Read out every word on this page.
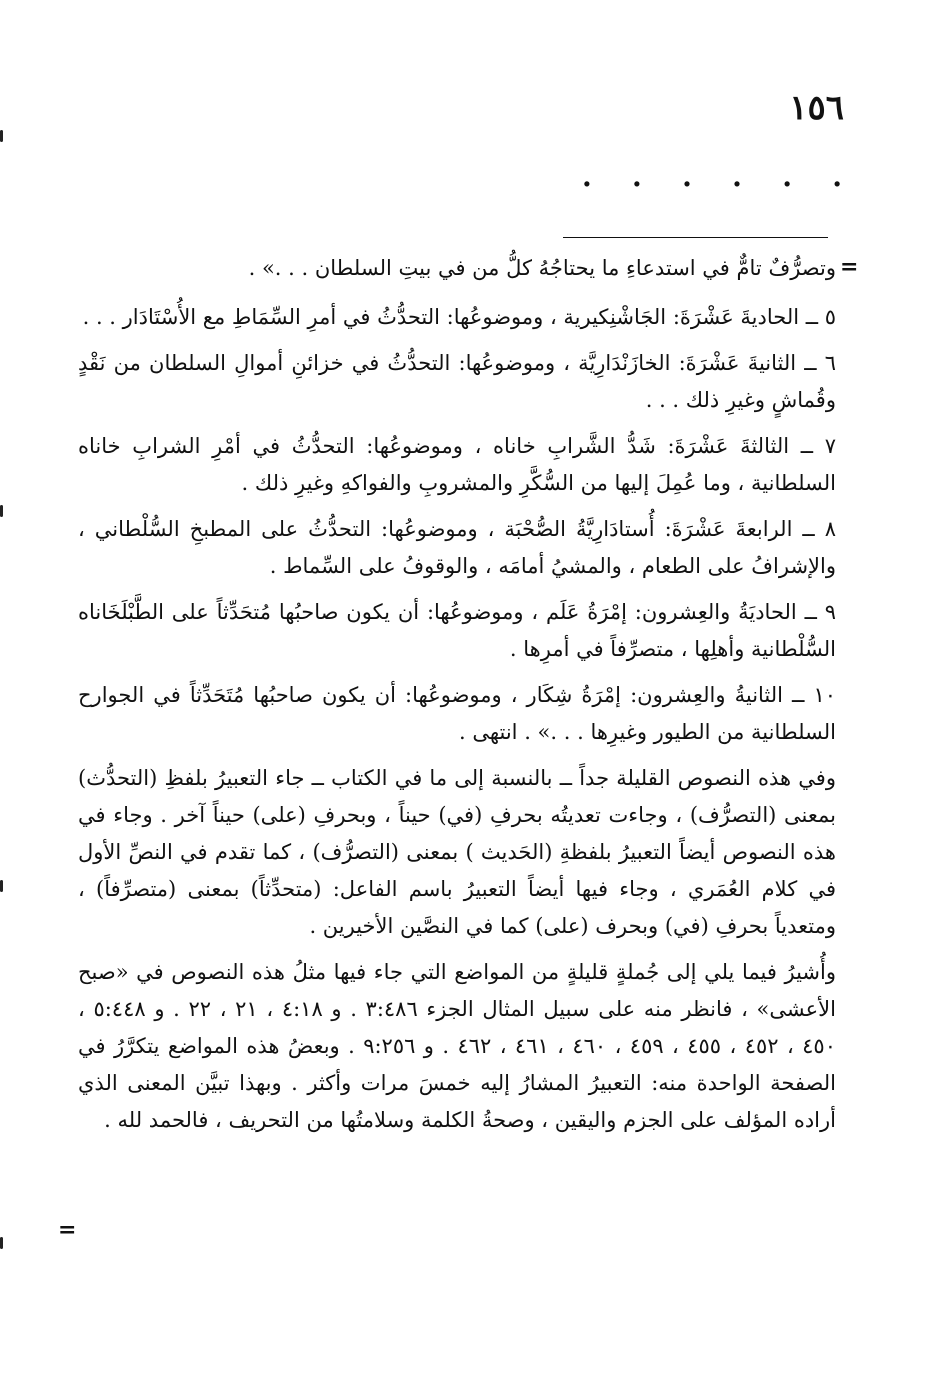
١٥٦
. . . . . .
=

وتصرُّفٌ تامٌّ في استدعاءِ ما يحتاجُهُ كلُّ من في بيتِ السلطان . . .» .

٥ ــ الحاديةَ عَشْرَةَ: الجَاشْنِكيرية ، وموضوعُها: التحدُّثُ في أمرِ السِّمَاطِ مع الأُسْتَادَار . . .

٦ ــ الثانيةَ عَشْرَةَ: الخازَنْدَارِيَّة ، وموضوعُها: التحدُّثُ في خزائنِ أموالِ السلطان من نَقْدٍ وقُماشٍ وغيرِ ذلك . . .

٧ ــ الثالثةَ عَشْرَةَ: شَدُّ الشَّرابِ خاناه ، وموضوعُها: التحدُّثُ في أمْرِ الشرابِ خاناه السلطانية ، وما عُمِلَ إليها من السُّكَّرِ والمشروبِ والفواكهِ وغيرِ ذلك .

٨ ــ الرابعةَ عَشْرَةَ: أُستادَارِيَّةُ الصُّحْبَة ، وموضوعُها: التحدُّثُ على المطبخِ السُّلْطاني ، والإشرافُ على الطعام ، والمشيُ أمامَه ، والوقوفُ على السِّماط .

٩ ــ الحاديَةُ والعِشرون: إمْرَةُ عَلَم ، وموضوعُها: أن يكون صاحبُها مُتحَدِّثاً على الطَّبْلَخَاناه السُّلْطانية وأهلِها ، متصرِّفاً في أمرِها .

١٠ ــ الثانيةُ والعِشرون: إمْرَةُ شِكَار ، وموضوعُها: أن يكون صاحبُها مُتَحَدِّثاً في الجوارح السلطانية من الطيور وغيرِها . . .» . انتهى .

وفي هذه النصوص القليلة جداً ــ بالنسبة إلى ما في الكتاب ــ جاء التعبيرُ بلفظِ (التحدُّث) بمعنى (التصرُّف) ، وجاءت تعديتُه بحرفِ (في) حيناً ، وبحرفِ (على) حيناً آخر . وجاء في هذه النصوص أيضاً التعبيرُ بلفظةِ (الحَديث ) بمعنى (التصرُّف) ، كما تقدم في النصِّ الأول في كلام العُمَري ، وجاء فيها أيضاً التعبيرُ باسم الفاعل: (متحدِّثاً) بمعنى (متصرِّفاً) ، ومتعدياً بحرفِ (في) وبحرف (على) كما في النصَّين الأخيرين .

وأُشيرُ فيما يلي إلى جُملةٍ قليلةٍ من المواضع التي جاء فيها مثلُ هذه النصوص في «صبح الأعشى» ، فانظر منه على سبيل المثال الجزء ٣:٤٨٦ . و ٤:١٨ ، ٢١ ، ٢٢ . و ٥:٤٤٨ ، ٤٥٠ ، ٤٥٢ ، ٤٥٥ ، ٤٥٩ ، ٤٦٠ ، ٤٦١ ، ٤٦٢ . و ٩:٢٥٦ . وبعضُ هذه المواضع يتكرَّرُ في الصفحة الواحدة منه: التعبيرُ المشارُ إليه خمسَ مرات وأكثر . وبهذا تبيَّن المعنى الذي أراده المؤلف على الجزم واليقين ، وصحةُ الكلمة وسلامتُها من التحريف ، فالحمد لله .

=
